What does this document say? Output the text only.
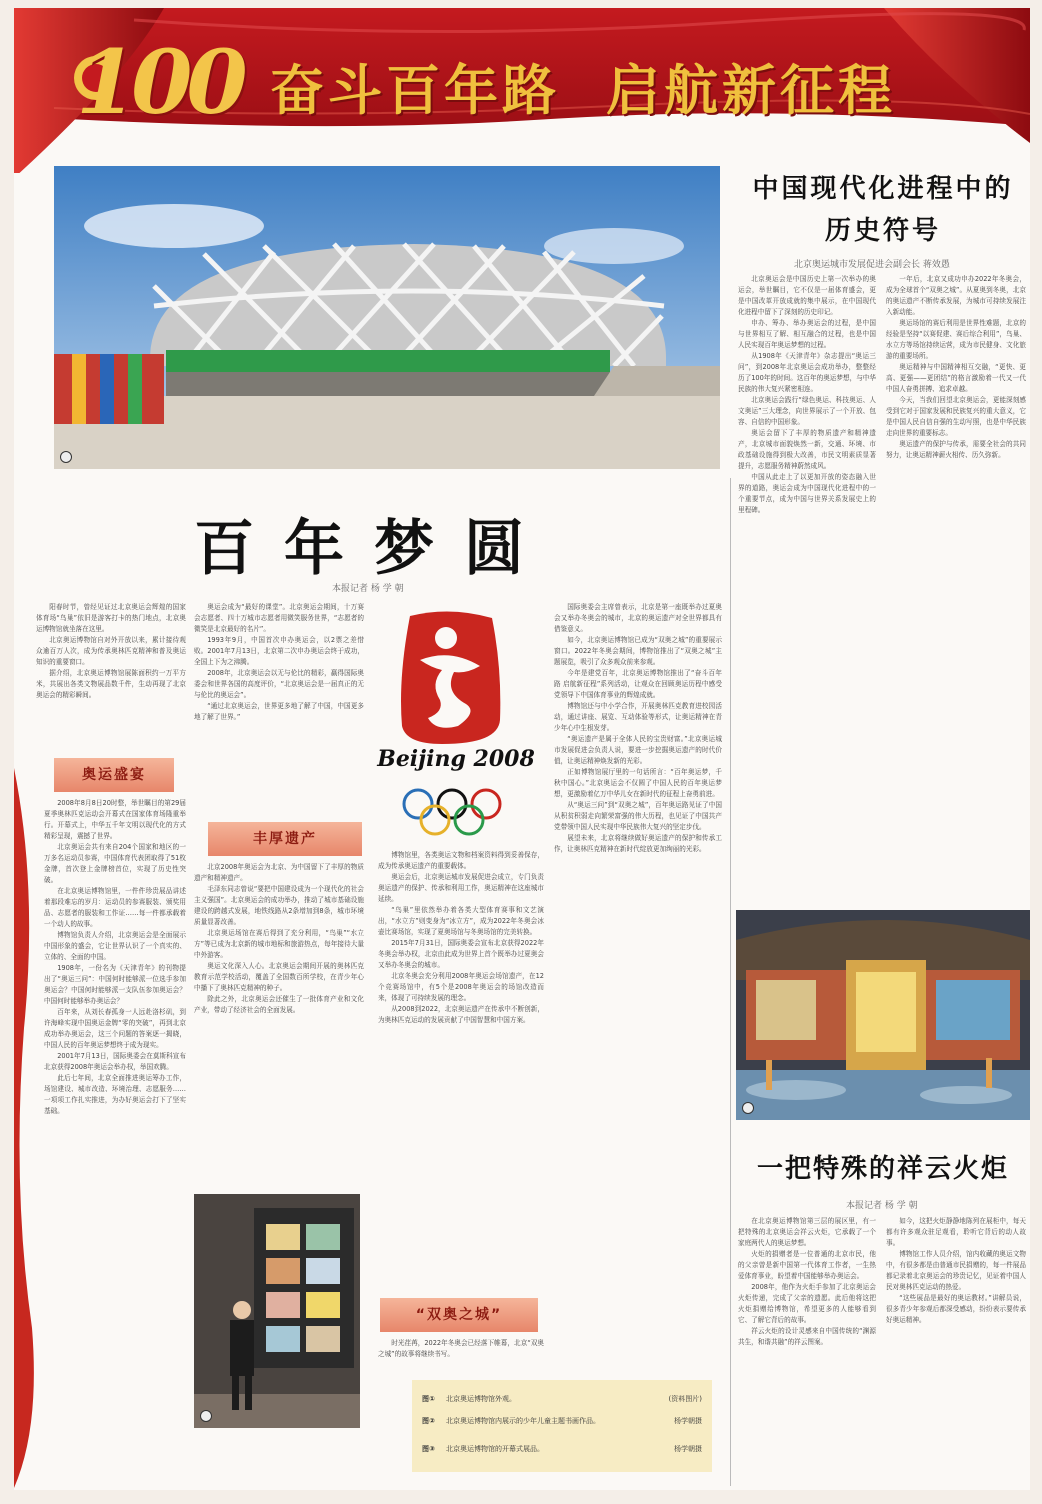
100 奋斗百年路 启航新征程
中国现代化进程中的
历史符号
北京奥运城市发展促进会副会长 蒋效愚

北京奥运会是中国历史上第一次举办的奥运会，举世瞩目，它不仅是一届体育盛会，更是中国改革开放成就的集中展示，在中国现代化进程中留下了深刻的历史印记。

申办、筹办、举办奥运会的过程，是中国与世界相互了解、相互融合的过程，也是中国人民实现百年奥运梦想的过程。

从1908年《天津青年》杂志提出“奥运三问”，到2008年北京奥运会成功举办，整整经历了100年的时间。这百年的奥运梦想，与中华民族的伟大复兴紧密相连。

北京奥运会践行“绿色奥运、科技奥运、人文奥运”三大理念，向世界展示了一个开放、包容、自信的中国形象。

奥运会留下了丰厚的物质遗产和精神遗产，北京城市面貌焕然一新，交通、环境、市政基础设施得到极大改善，市民文明素质显著提升，志愿服务精神蔚然成风。

中国从此走上了以更加开放的姿态融入世界的道路，奥运会成为中国现代化进程中的一个重要节点，成为中国与世界关系发展史上的里程碑。

一年后，北京又成功申办2022年冬奥会，成为全球首个“双奥之城”。从夏奥到冬奥，北京的奥运遗产不断传承发展，为城市可持续发展注入新动能。

奥运场馆的赛后利用是世界性难题，北京的经验是坚持“以赛促建、赛后综合利用”，鸟巢、水立方等场馆持续运营，成为市民健身、文化旅游的重要场所。

奥运精神与中国精神相互交融，“更快、更高、更强——更团结”的格言激励着一代又一代中国人奋勇拼搏、追求卓越。

今天，当我们回望北京奥运会，更能深刻感受到它对于国家发展和民族复兴的重大意义，它是中国人民自信自强的生动写照，也是中华民族走向世界的重要标志。

奥运遗产的保护与传承，需要全社会的共同努力，让奥运精神薪火相传、历久弥新。

一把特殊的祥云火炬
本报记者 杨 学 朝

在北京奥运博物馆第三层的展区里，有一把特殊的北京奥运会祥云火炬，它承载了一个家庭两代人的奥运梦想。

火炬的捐赠者是一位普通的北京市民，他的父亲曾是新中国第一代体育工作者，一生热爱体育事业，盼望着中国能够举办奥运会。

2008年，他作为火炬手参加了北京奥运会火炬传递，完成了父亲的遗愿。此后他将这把火炬捐赠给博物馆，希望更多的人能够看到它、了解它背后的故事。

祥云火炬的设计灵感来自中国传统的“渊源共生，和谐共融”的祥云图案。

如今，这把火炬静静地陈列在展柜中，每天都有许多观众驻足观看，聆听它背后的动人故事。

博物馆工作人员介绍，馆内收藏的奥运文物中，有很多都是由普通市民捐赠的，每一件展品都记录着北京奥运会的珍贵记忆，见证着中国人民对奥林匹克运动的热爱。

“这些展品是最好的奥运教材。”讲解员说，很多青少年参观后都深受感动，纷纷表示要传承好奥运精神。

百年梦圆
本报记者 杨 学 朝

阳春时节，曾经见证过北京奥运会辉煌的国家体育场“鸟巢”依旧是游客打卡的热门地点，北京奥运博物馆就坐落在这里。

北京奥运博物馆自对外开放以来，累计接待观众逾百万人次，成为传承奥林匹克精神和普及奥运知识的重要窗口。

据介绍，北京奥运博物馆展陈面积约一万平方米，共展出各类文物展品数千件，生动再现了北京奥运会的精彩瞬间。

奥运盛宴

2008年8月8日20时整，举世瞩目的第29届夏季奥林匹克运动会开幕式在国家体育场隆重举行。开幕式上，中华五千年文明以现代化的方式精彩呈现，震撼了世界。

北京奥运会共有来自204个国家和地区的一万多名运动员参赛，中国体育代表团取得了51枚金牌，首次登上金牌榜首位，实现了历史性突破。

在北京奥运博物馆里，一件件珍贵展品讲述着那段难忘的岁月：运动员的参赛服装、颁奖用品、志愿者的服装和工作证……每一件都承载着一个动人的故事。

博物馆负责人介绍，北京奥运会是全面展示中国形象的盛会，它让世界认识了一个真实的、立体的、全面的中国。

1908年，一份名为《天津青年》的刊物提出了“奥运三问”：中国何时能够派一位选手参加奥运会？中国何时能够派一支队伍参加奥运会？中国何时能够举办奥运会？

百年来，从刘长春孤身一人远赴洛杉矶，到许海峰实现中国奥运金牌“零的突破”，再到北京成功举办奥运会，这三个问题的答案逐一揭晓，中国人民的百年奥运梦想终于成为现实。

2001年7月13日，国际奥委会在莫斯科宣布北京获得2008年奥运会举办权，举国欢腾。

此后七年间，北京全面推进奥运筹办工作，场馆建设、城市改造、环境治理、志愿服务……一项项工作扎实推进，为办好奥运会打下了坚实基础。

奥运会成为“最好的课堂”。北京奥运会期间，十万赛会志愿者、四十万城市志愿者用微笑服务世界，“志愿者的微笑是北京最好的名片”。

1993年9月，中国首次申办奥运会，以2票之差惜败。2001年7月13日，北京第二次申办奥运会终于成功，全国上下为之沸腾。

2008年，北京奥运会以无与伦比的精彩，赢得国际奥委会和世界各国的高度评价，“北京奥运会是一届真正的无与伦比的奥运会”。

“通过北京奥运会，世界更多地了解了中国，中国更多地了解了世界。”

丰厚遗产

北京2008年奥运会为北京、为中国留下了丰厚的物质遗产和精神遗产。

毛泽东同志曾说“要把中国建设成为一个现代化的社会主义强国”。北京奥运会的成功举办，推动了城市基础设施建设的跨越式发展，地铁线路从2条增加到8条，城市环境质量显著改善。

北京奥运场馆在赛后得到了充分利用，“鸟巢”“水立方”等已成为北京新的城市地标和旅游热点，每年接待大量中外游客。

奥运文化深入人心。北京奥运会期间开展的奥林匹克教育示范学校活动，覆盖了全国数百所学校，在青少年心中播下了奥林匹克精神的种子。

除此之外，北京奥运会还催生了一批体育产业和文化产业，带动了经济社会的全面发展。

Beijing 2008

博物馆里，各类奥运文物和档案资料得到妥善保存，成为传承奥运遗产的重要载体。

奥运会后，北京奥运城市发展促进会成立，专门负责奥运遗产的保护、传承和利用工作，奥运精神在这座城市延续。

“鸟巢”里依然举办着各类大型体育赛事和文艺演出，“水立方”则变身为“冰立方”，成为2022年冬奥会冰壶比赛场馆，实现了夏奥场馆与冬奥场馆的完美转换。

2015年7月31日，国际奥委会宣布北京获得2022年冬奥会举办权，北京由此成为世界上首个既举办过夏奥会又举办冬奥会的城市。

北京冬奥会充分利用2008年奥运会场馆遗产，在12个竞赛场馆中，有5个是2008年奥运会的场馆改造而来，体现了可持续发展的理念。

从2008到2022，北京奥运遗产在传承中不断创新，为奥林匹克运动的发展贡献了中国智慧和中国方案。

“双奥之城”

时光荏苒，2022年冬奥会已经落下帷幕，北京“双奥之城”的故事将继续书写。

国际奥委会主席曾表示，北京是第一座既举办过夏奥会又举办冬奥会的城市，北京的奥运遗产对全世界都具有借鉴意义。

如今，北京奥运博物馆已成为“双奥之城”的重要展示窗口。2022年冬奥会期间，博物馆推出了“双奥之城”主题展览，吸引了众多观众前来参观。

今年是建党百年，北京奥运博物馆推出了“奋斗百年路 启航新征程”系列活动，让观众在回顾奥运历程中感受党领导下中国体育事业的辉煌成就。

博物馆还与中小学合作，开展奥林匹克教育进校园活动，通过讲座、展览、互动体验等形式，让奥运精神在青少年心中生根发芽。

“奥运遗产是属于全体人民的宝贵财富。”北京奥运城市发展促进会负责人说，要进一步挖掘奥运遗产的时代价值，让奥运精神焕发新的光彩。

正如博物馆展厅里的一句话所言：“百年奥运梦，千秋中国心。”北京奥运会不仅圆了中国人民的百年奥运梦想，更激励着亿万中华儿女在新时代的征程上奋勇前进。

从“奥运三问”到“双奥之城”，百年奥运路见证了中国从积贫积弱走向繁荣富强的伟大历程，也见证了中国共产党带领中国人民实现中华民族伟大复兴的坚定步伐。

展望未来，北京将继续做好奥运遗产的保护和传承工作，让奥林匹克精神在新时代绽放更加绚丽的光彩。

图①	北京奥运博物馆外观。	(资料图片)
图②	北京奥运博物馆内展示的少年儿童主题书画作品。	杨学朝摄
图③	北京奥运博物馆的开幕式展品。	杨学朝摄
